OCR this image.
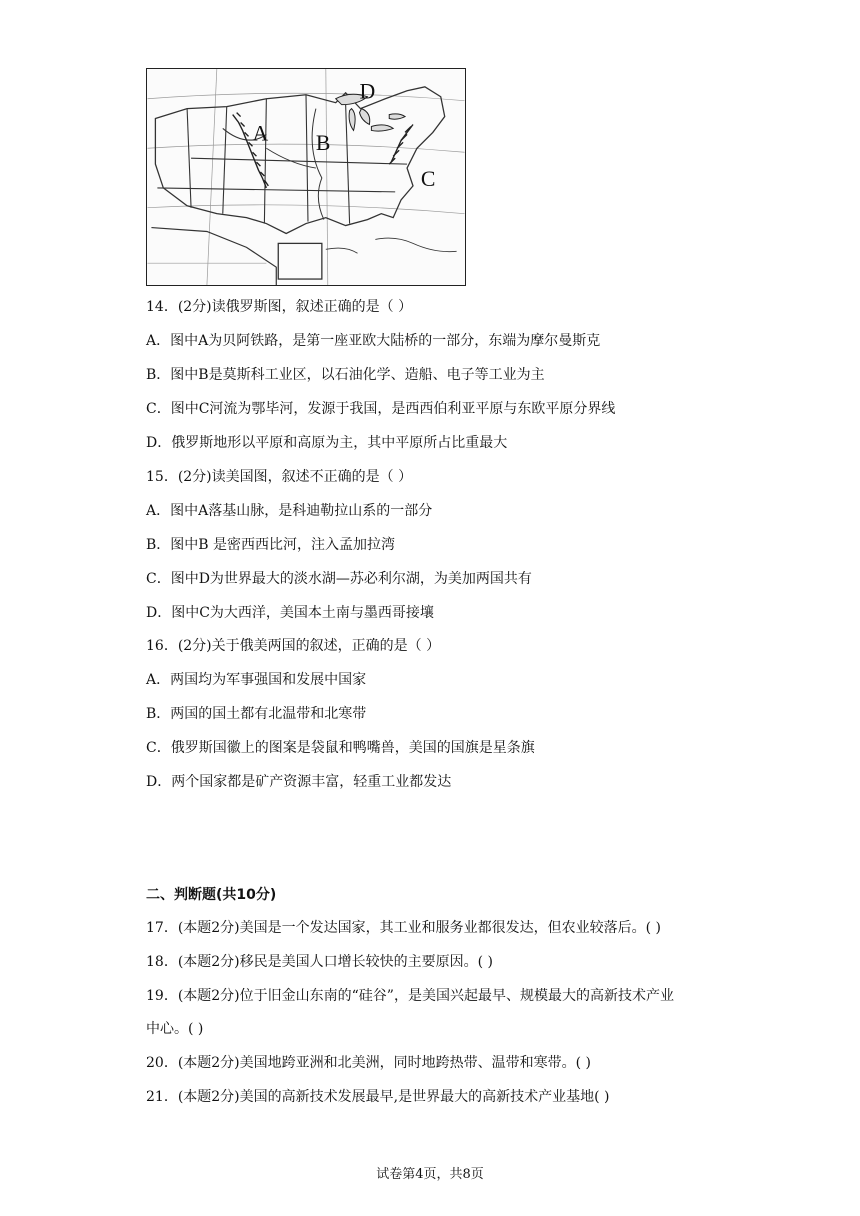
A B
C
D
14．(2分)读俄罗斯图，叙述正确的是（ ）
A．图中A为贝阿铁路，是第一座亚欧大陆桥的一部分，东端为摩尔曼斯克
B．图中B是莫斯科工业区，以石油化学、造船、电子等工业为主
C．图中C河流为鄂毕河，发源于我国，是西西伯利亚平原与东欧平原分界线
D．俄罗斯地形以平原和高原为主，其中平原所占比重最大
15．(2分)读美国图，叙述不正确的是（ ）
A．图中A落基山脉，是科迪勒拉山系的一部分
B．图中B 是密西西比河，注入孟加拉湾
C．图中D为世界最大的淡水湖—苏必利尔湖，为美加两国共有
D．图中C为大西洋，美国本土南与墨西哥接壤
16．(2分)关于俄美两国的叙述，正确的是（ ）
A．两国均为军事强国和发展中国家
B．两国的国土都有北温带和北寒带
C．俄罗斯国徽上的图案是袋鼠和鸭嘴兽，美国的国旗是星条旗
D．两个国家都是矿产资源丰富，轻重工业都发达
二、判断题(共10分)
17．(本题2分)美国是一个发达国家，其工业和服务业都很发达，但农业较落后。( )
18．(本题2分)移民是美国人口增长较快的主要原因。( )
19．(本题2分)位于旧金山东南的“硅谷”，是美国兴起最早、规模最大的高新技术产业
中心。( )
20．(本题2分)美国地跨亚洲和北美洲，同时地跨热带、温带和寒带。( )
21．(本题2分)美国的高新技术发展最早,是世界最大的高新技术产业基地( )
试卷第4页，共8页
